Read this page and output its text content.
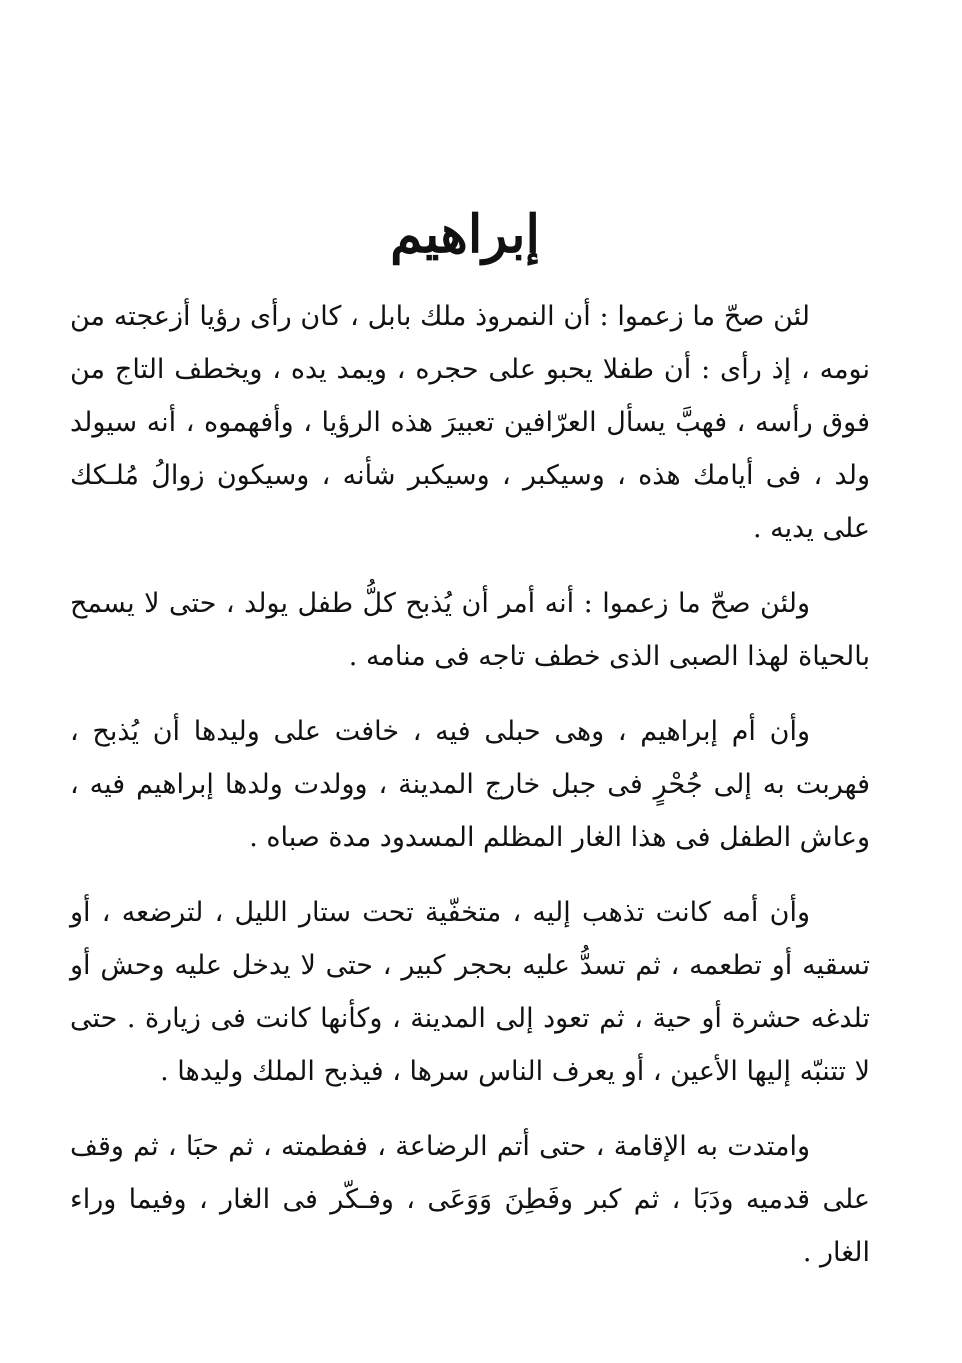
إبراهيم

لئن صحّ ما زعموا : أن النمروذ ملك بابل ، كان رأى رؤيا أزعجته من نومه ، إذ رأى : أن طفلا يحبو على حجره ، ويمد يده ، ويخطف التاج من فوق رأسه ، فهبَّ يسأل العرّافين تعبيرَ هذه الرؤيا ، وأفهموه ، أنه سيولد ولد ، فى أيامك هذه ، وسيكبر ، وسيكبر شأنه ، وسيكون زوالُ مُلـكك على يديه .

ولئن صحّ ما زعموا : أنه أمر أن يُذبح كلُّ طفل يولد ، حتى لا يسمح بالحياة لهذا الصبى الذى خطف تاجه فى منامه .

وأن أم إبراهيم ، وهى حبلى فيه ، خافت على وليدها أن يُذبح ، فهربت به إلى جُحْرٍ فى جبل خارج المدينة ، وولدت ولدها إبراهيم فيه ، وعاش الطفل فى هذا الغار المظلم المسدود مدة صباه .

وأن أمه كانت تذهب إليه ، متخفّية تحت ستار الليل ، لترضعه ، أو تسقيه أو تطعمه ، ثم تسدُّ عليه بحجر كبير ، حتى لا يدخل عليه وحش أو تلدغه حشرة أو حية ، ثم تعود إلى المدينة ، وكأنها كانت فى زيارة . حتى لا تتنبّه إليها الأعين ، أو يعرف الناس سرها ، فيذبح الملك وليدها .

وامتدت به الإقامة ، حتى أتم الرضاعة ، ففطمته ، ثم حبَا ، ثم وقف على قدميه ودَبَا ، ثم كبر وفَطِنَ وَوَعَى ، وفـكّر فى الغار ، وفيما وراء الغار .
